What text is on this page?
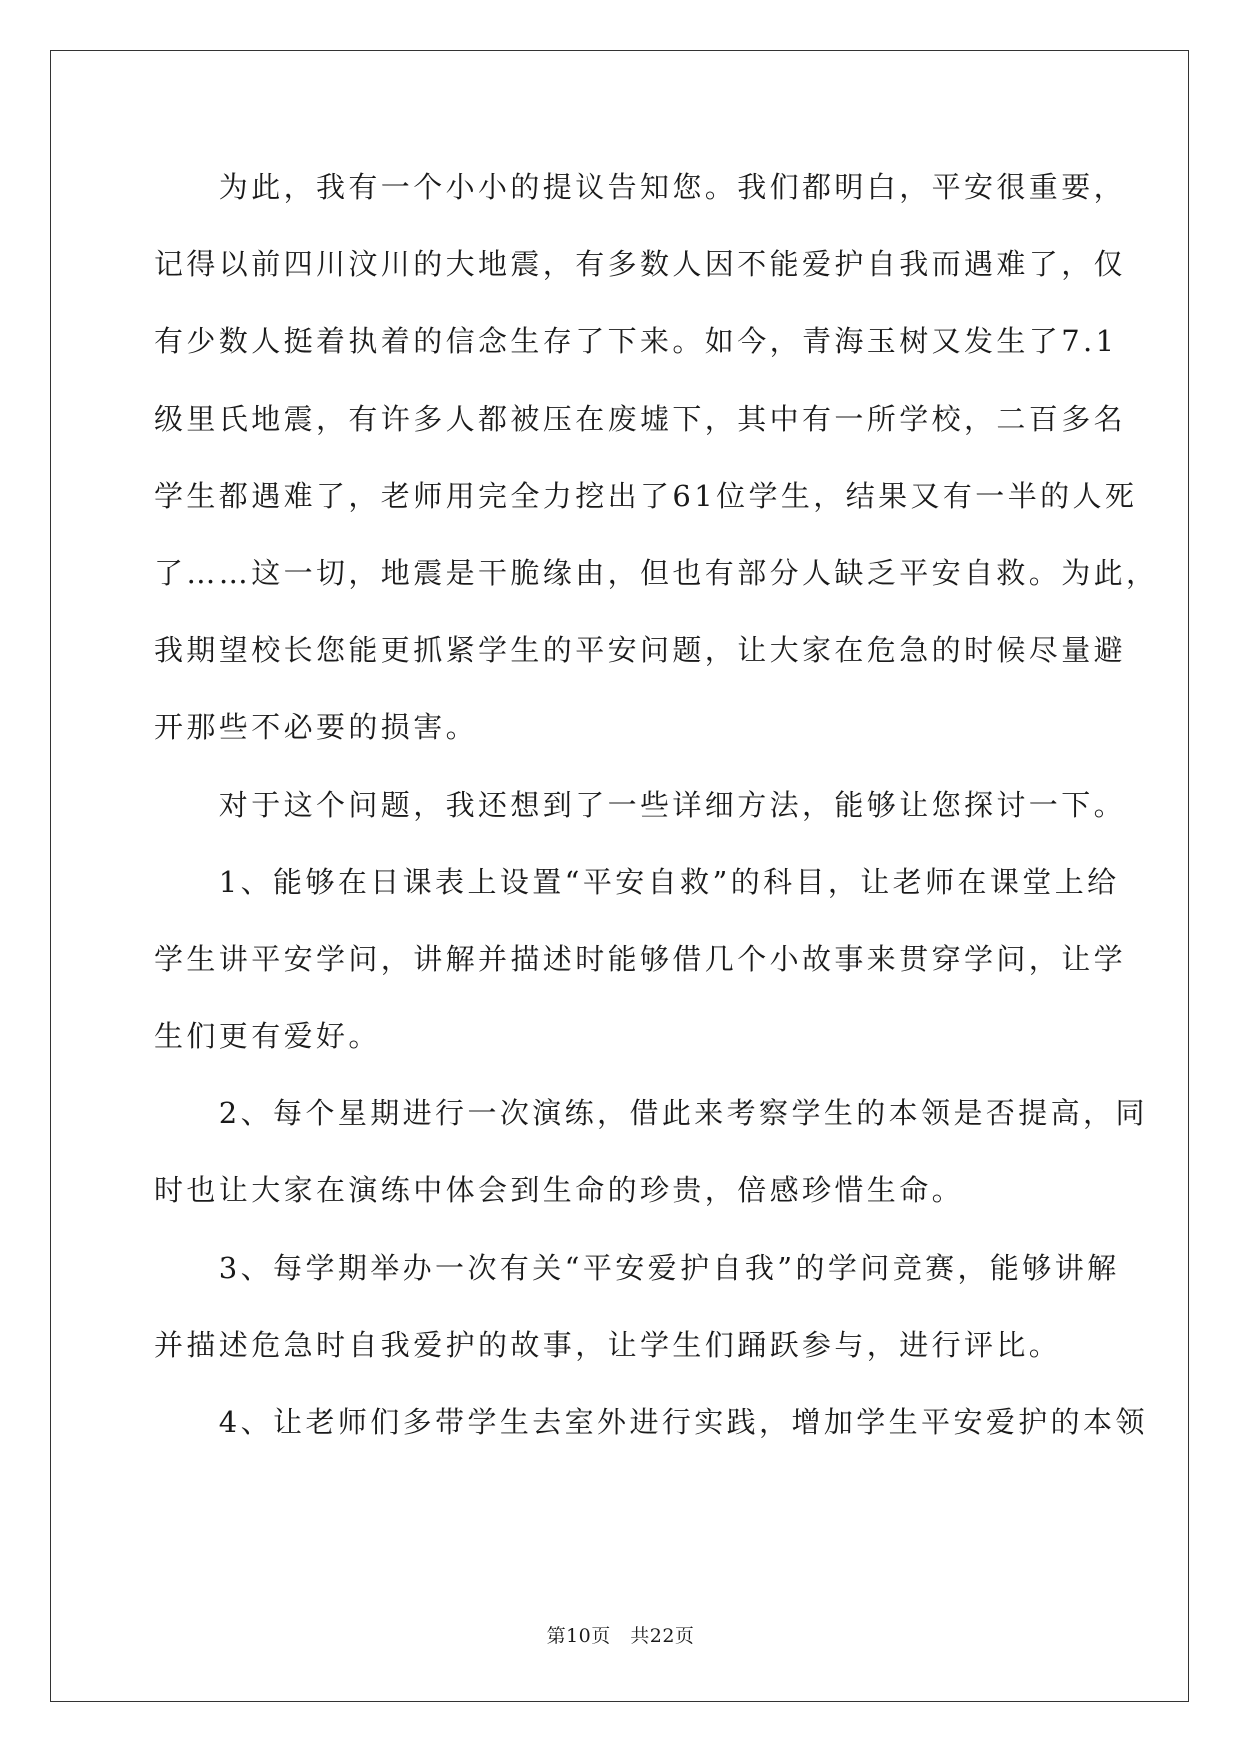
　　为此，我有一个小小的提议告知您。我们都明白，平安很重要，
记得以前四川汶川的大地震，有多数人因不能爱护自我而遇难了，仅
有少数人挺着执着的信念生存了下来。如今，青海玉树又发生了7.1
级里氏地震，有许多人都被压在废墟下，其中有一所学校，二百多名
学生都遇难了，老师用完全力挖出了61位学生，结果又有一半的人死
了……这一切，地震是干脆缘由，但也有部分人缺乏平安自救。为此，
我期望校长您能更抓紧学生的平安问题，让大家在危急的时候尽量避
开那些不必要的损害。
　　对于这个问题，我还想到了一些详细方法，能够让您探讨一下。
　　1、能够在日课表上设置“平安自救”的科目，让老师在课堂上给
学生讲平安学问，讲解并描述时能够借几个小故事来贯穿学问，让学
生们更有爱好。
　　2、每个星期进行一次演练，借此来考察学生的本领是否提高，同
时也让大家在演练中体会到生命的珍贵，倍感珍惜生命。
　　3、每学期举办一次有关“平安爱护自我”的学问竞赛，能够讲解
并描述危急时自我爱护的故事，让学生们踊跃参与，进行评比。
　　4、让老师们多带学生去室外进行实践，增加学生平安爱护的本领
第10页　共22页
